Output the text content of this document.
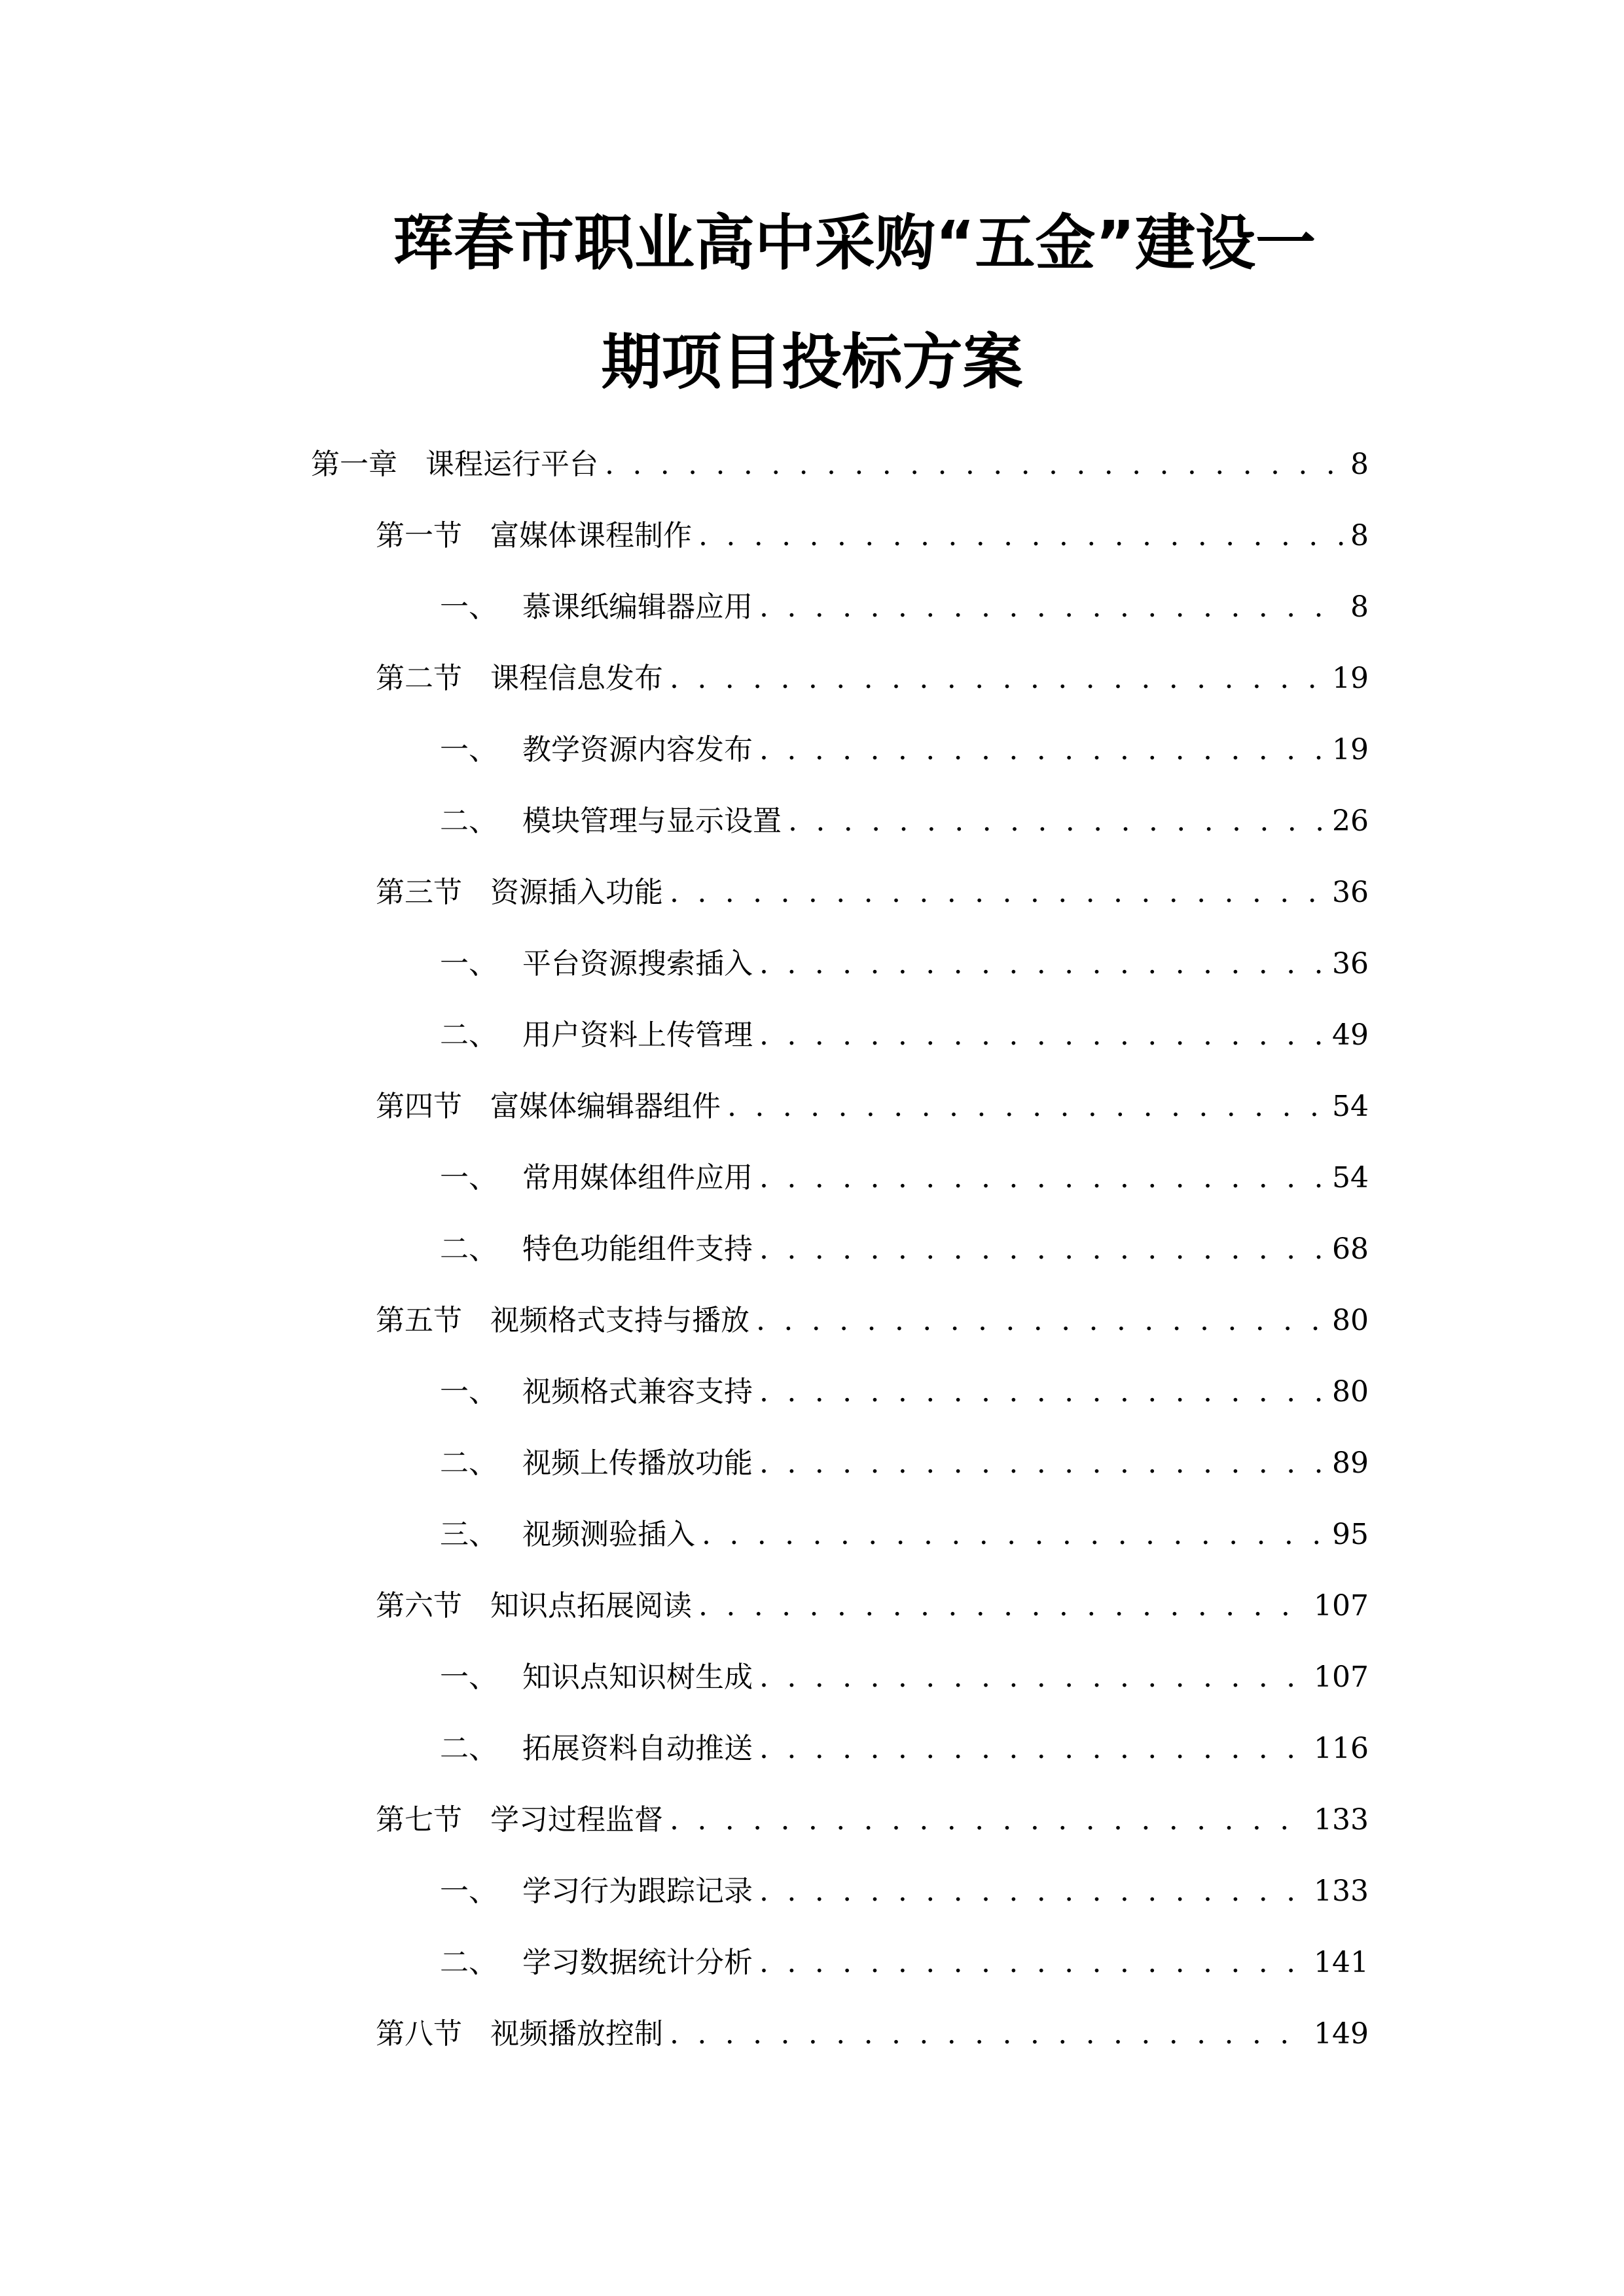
珲春市职业高中采购“五金”建设一
期项目投标方案
第一章 课程运行平台 . . .	8
第一节 富媒体课程制作 . . .	8
一、 慕课纸编辑器应用 . . .	8
第二节 课程信息发布 . . .	19
一、 教学资源内容发布 . . .	19
二、 模块管理与显示设置 . . .	26
第三节 资源插入功能 . . .	36
一、 平台资源搜索插入 . . .	36
二、 用户资料上传管理 . . .	49
第四节 富媒体编辑器组件 . . .	54
一、 常用媒体组件应用 . . .	54
二、 特色功能组件支持 . . .	68
第五节 视频格式支持与播放 . . .	80
一、 视频格式兼容支持 . . .	80
二、 视频上传播放功能 . . .	89
三、 视频测验插入 . . .	95
第六节 知识点拓展阅读 . . .	107
一、 知识点知识树生成 . . .	107
二、 拓展资料自动推送 . . .	116
第七节 学习过程监督 . . .	133
一、 学习行为跟踪记录 . . .	133
二、 学习数据统计分析 . . .	141
第八节 视频播放控制 . . .	149
